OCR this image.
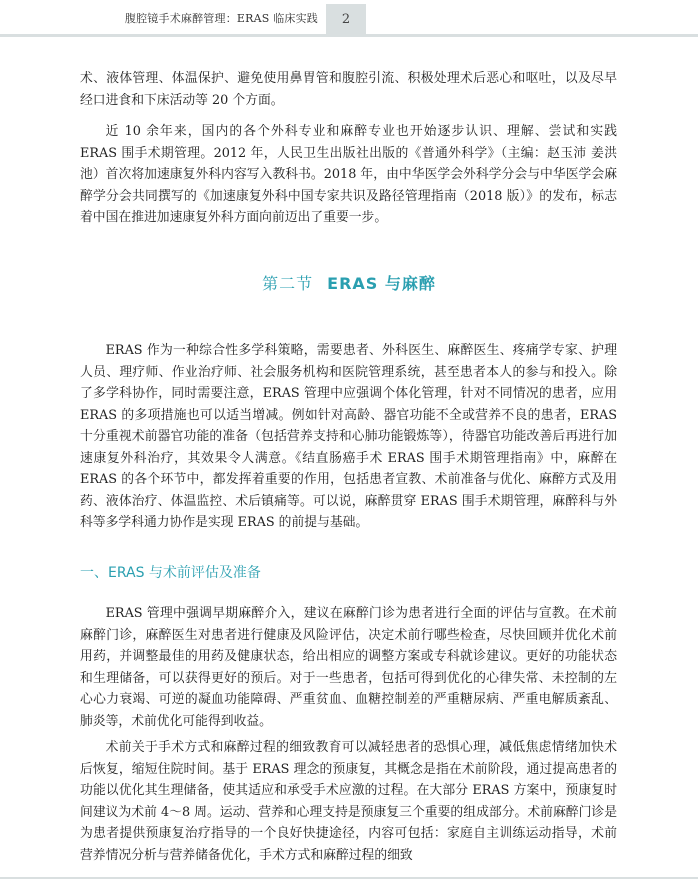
腹腔镜手术麻醉管理：ERAS 临床实践	2

术、液体管理、体温保护、避免使用鼻胃管和腹腔引流、积极处理术后恶心和呕吐，以及尽早经口进食和下床活动等 20 个方面。

近 10 余年来，国内的各个外科专业和麻醉专业也开始逐步认识、理解、尝试和实践 ERAS 围手术期管理。2012 年，人民卫生出版社出版的《普通外科学》（主编：赵玉沛 姜洪池）首次将加速康复外科内容写入教科书。2018 年，由中华医学会外科学分会与中华医学会麻醉学分会共同撰写的《加速康复外科中国专家共识及路径管理指南（2018 版）》的发布，标志着中国在推进加速康复外科方面向前迈出了重要一步。

第二节 ERAS 与麻醉

ERAS 作为一种综合性多学科策略，需要患者、外科医生、麻醉医生、疼痛学专家、护理人员、理疗师、作业治疗师、社会服务机构和医院管理系统，甚至患者本人的参与和投入。除了多学科协作，同时需要注意，ERAS 管理中应强调个体化管理，针对不同情况的患者，应用 ERAS 的多项措施也可以适当增减。例如针对高龄、器官功能不全或营养不良的患者，ERAS 十分重视术前器官功能的准备（包括营养支持和心肺功能锻炼等），待器官功能改善后再进行加速康复外科治疗，其效果令人满意。《结直肠癌手术 ERAS 围手术期管理指南》中，麻醉在 ERAS 的各个环节中，都发挥着重要的作用，包括患者宣教、术前准备与优化、麻醉方式及用药、液体治疗、体温监控、术后镇痛等。可以说，麻醉贯穿 ERAS 围手术期管理，麻醉科与外科等多学科通力协作是实现 ERAS 的前提与基础。

一、ERAS 与术前评估及准备

ERAS 管理中强调早期麻醉介入，建议在麻醉门诊为患者进行全面的评估与宣教。在术前麻醉门诊，麻醉医生对患者进行健康及风险评估，决定术前行哪些检查，尽快回顾并优化术前用药，并调整最佳的用药及健康状态，给出相应的调整方案或专科就诊建议。更好的功能状态和生理储备，可以获得更好的预后。对于一些患者，包括可得到优化的心律失常、未控制的左心心力衰竭、可逆的凝血功能障碍、严重贫血、血糖控制差的严重糖尿病、严重电解质紊乱、肺炎等，术前优化可能得到收益。

术前关于手术方式和麻醉过程的细致教育可以减轻患者的恐惧心理，减低焦虑情绪加快术后恢复，缩短住院时间。基于 ERAS 理念的预康复，其概念是指在术前阶段，通过提高患者的功能以优化其生理储备，使其适应和承受手术应激的过程。在大部分 ERAS 方案中，预康复时间建议为术前 4～8 周。运动、营养和心理支持是预康复三个重要的组成部分。术前麻醉门诊是为患者提供预康复治疗指导的一个良好快捷途径，内容可包括：家庭自主训练运动指导，术前营养情况分析与营养储备优化，手术方式和麻醉过程的细致
